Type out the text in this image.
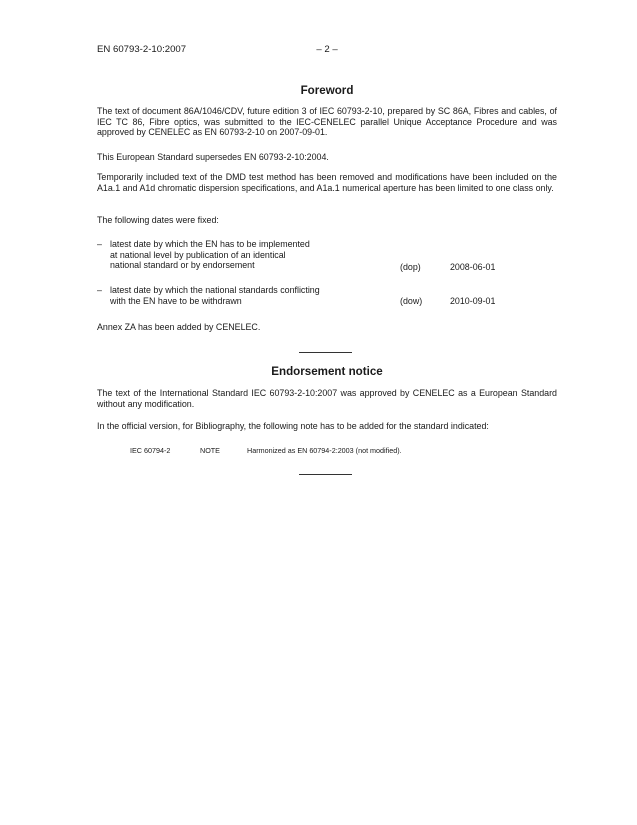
EN 60793-2-10:2007	– 2 –
Foreword

The text of document 86A/1046/CDV, future edition 3 of IEC 60793-2-10, prepared by SC 86A, Fibres and cables, of IEC TC 86, Fibre optics, was submitted to the IEC-CENELEC parallel Unique Acceptance Procedure and was approved by CENELEC as EN 60793-2-10 on 2007-09-01.

This European Standard supersedes EN 60793-2-10:2004.

Temporarily included text of the DMD test method has been removed and modifications have been included on the A1a.1 and A1d chromatic dispersion specifications, and A1a.1 numerical aperture has been limited to one class only.

The following dates were fixed:

– latest date by which the EN has to be implemented
at national level by publication of an identical
national standard or by endorsement	(dop)	2008-06-01
– latest date by which the national standards conflicting
with the EN have to be withdrawn	(dow)	2010-09-01

Annex ZA has been added by CENELEC.

Endorsement notice

The text of the International Standard IEC 60793-2-10:2007 was approved by CENELEC as a European Standard without any modification.

In the official version, for Bibliography, the following note has to be added for the standard indicated:

IEC 60794-2	NOTE	Harmonized as EN 60794-2:2003 (not modified).
